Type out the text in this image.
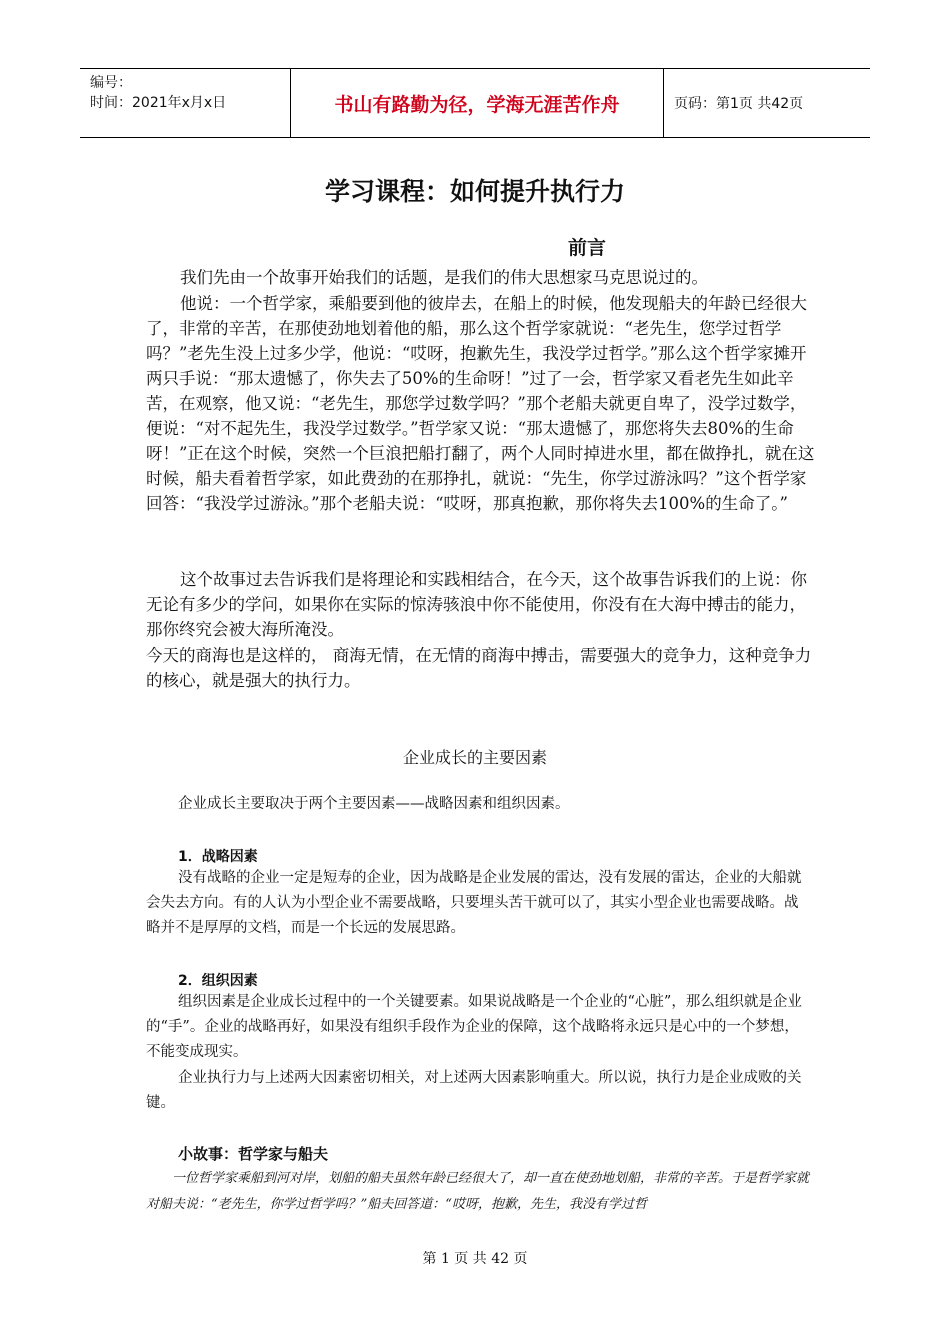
编号：
时间：2021年x月x日	书山有路勤为径，学海无涯苦作舟	页码：第1页 共42页
学习课程：如何提升执行力
前言

我们先由一个故事开始我们的话题，是我们的伟大思想家马克思说过的。

他说：一个哲学家，乘船要到他的彼岸去，在船上的时候，他发现船夫的年龄已经很大了，非常的辛苦，在那使劲地划着他的船，那么这个哲学家就说：“老先生，您学过哲学吗？”老先生没上过多少学，他说：“哎呀，抱歉先生，我没学过哲学。”那么这个哲学家摊开两只手说：“那太遗憾了，你失去了50%的生命呀！”过了一会，哲学家又看老先生如此辛苦，在观察，他又说：“老先生，那您学过数学吗？”那个老船夫就更自卑了，没学过数学，便说：“对不起先生，我没学过数学。”哲学家又说：“那太遗憾了，那您将失去80%的生命呀！”正在这个时候，突然一个巨浪把船打翻了，两个人同时掉进水里，都在做挣扎，就在这时候，船夫看着哲学家，如此费劲的在那挣扎，就说：“先生，你学过游泳吗？”这个哲学家回答：“我没学过游泳。”那个老船夫说：“哎呀，那真抱歉，那你将失去100%的生命了。”

这个故事过去告诉我们是将理论和实践相结合，在今天，这个故事告诉我们的上说：你无论有多少的学问，如果你在实际的惊涛骇浪中你不能使用，你没有在大海中搏击的能力，那你终究会被大海所淹没。

今天的商海也是这样的， 商海无情，在无情的商海中搏击，需要强大的竞争力，这种竞争力的核心，就是强大的执行力。

企业成长的主要因素

企业成长主要取决于两个主要因素——战略因素和组织因素。

1．战略因素

没有战略的企业一定是短寿的企业，因为战略是企业发展的雷达，没有发展的雷达，企业的大船就会失去方向。有的人认为小型企业不需要战略，只要埋头苦干就可以了，其实小型企业也需要战略。战略并不是厚厚的文档，而是一个长远的发展思路。

2．组织因素

组织因素是企业成长过程中的一个关键要素。如果说战略是一个企业的“心脏”，那么组织就是企业的“手”。企业的战略再好，如果没有组织手段作为企业的保障，这个战略将永远只是心中的一个梦想，不能变成现实。

企业执行力与上述两大因素密切相关，对上述两大因素影响重大。所以说，执行力是企业成败的关键。

小故事：哲学家与船夫

一位哲学家乘船到河对岸，划船的船夫虽然年龄已经很大了，却一直在使劲地划船，非常的辛苦。于是哲学家就对船夫说：“老先生，你学过哲学吗？”船夫回答道：“哎呀，抱歉，先生，我没有学过哲

第 1 页 共 42 页
